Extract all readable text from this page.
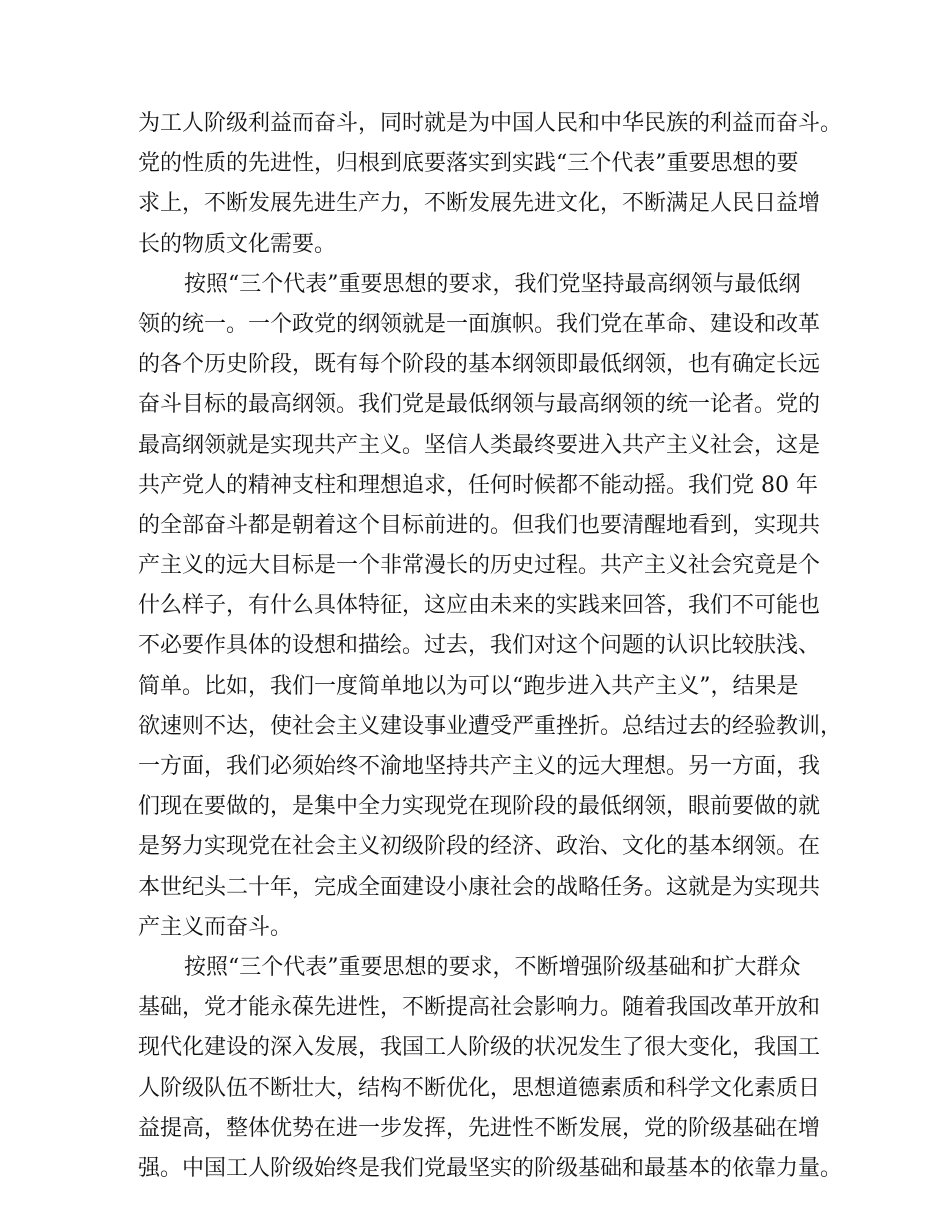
为工人阶级利益而奋斗，同时就是为中国人民和中华民族的利益而奋斗。
党的性质的先进性，归根到底要落实到实践“三个代表”重要思想的要
求上，不断发展先进生产力，不断发展先进文化，不断满足人民日益增
长的物质文化需要。
按照“三个代表”重要思想的要求，我们党坚持最高纲领与最低纲
领的统一。一个政党的纲领就是一面旗帜。我们党在革命、建设和改革
的各个历史阶段，既有每个阶段的基本纲领即最低纲领，也有确定长远
奋斗目标的最高纲领。我们党是最低纲领与最高纲领的统一论者。党的
最高纲领就是实现共产主义。坚信人类最终要进入共产主义社会，这是
共产党人的精神支柱和理想追求，任何时候都不能动摇。我们党 80 年
的全部奋斗都是朝着这个目标前进的。但我们也要清醒地看到，实现共
产主义的远大目标是一个非常漫长的历史过程。共产主义社会究竟是个
什么样子，有什么具体特征，这应由未来的实践来回答，我们不可能也
不必要作具体的设想和描绘。过去，我们对这个问题的认识比较肤浅、
简单。比如，我们一度简单地以为可以“跑步进入共产主义”，结果是
欲速则不达，使社会主义建设事业遭受严重挫折。总结过去的经验教训，
一方面，我们必须始终不渝地坚持共产主义的远大理想。另一方面，我
们现在要做的，是集中全力实现党在现阶段的最低纲领，眼前要做的就
是努力实现党在社会主义初级阶段的经济、政治、文化的基本纲领。在
本世纪头二十年，完成全面建设小康社会的战略任务。这就是为实现共
产主义而奋斗。
按照“三个代表”重要思想的要求，不断增强阶级基础和扩大群众
基础，党才能永葆先进性，不断提高社会影响力。随着我国改革开放和
现代化建设的深入发展，我国工人阶级的状况发生了很大变化，我国工
人阶级队伍不断壮大，结构不断优化，思想道德素质和科学文化素质日
益提高，整体优势在进一步发挥，先进性不断发展，党的阶级基础在增
强。中国工人阶级始终是我们党最坚实的阶级基础和最基本的依靠力量。
